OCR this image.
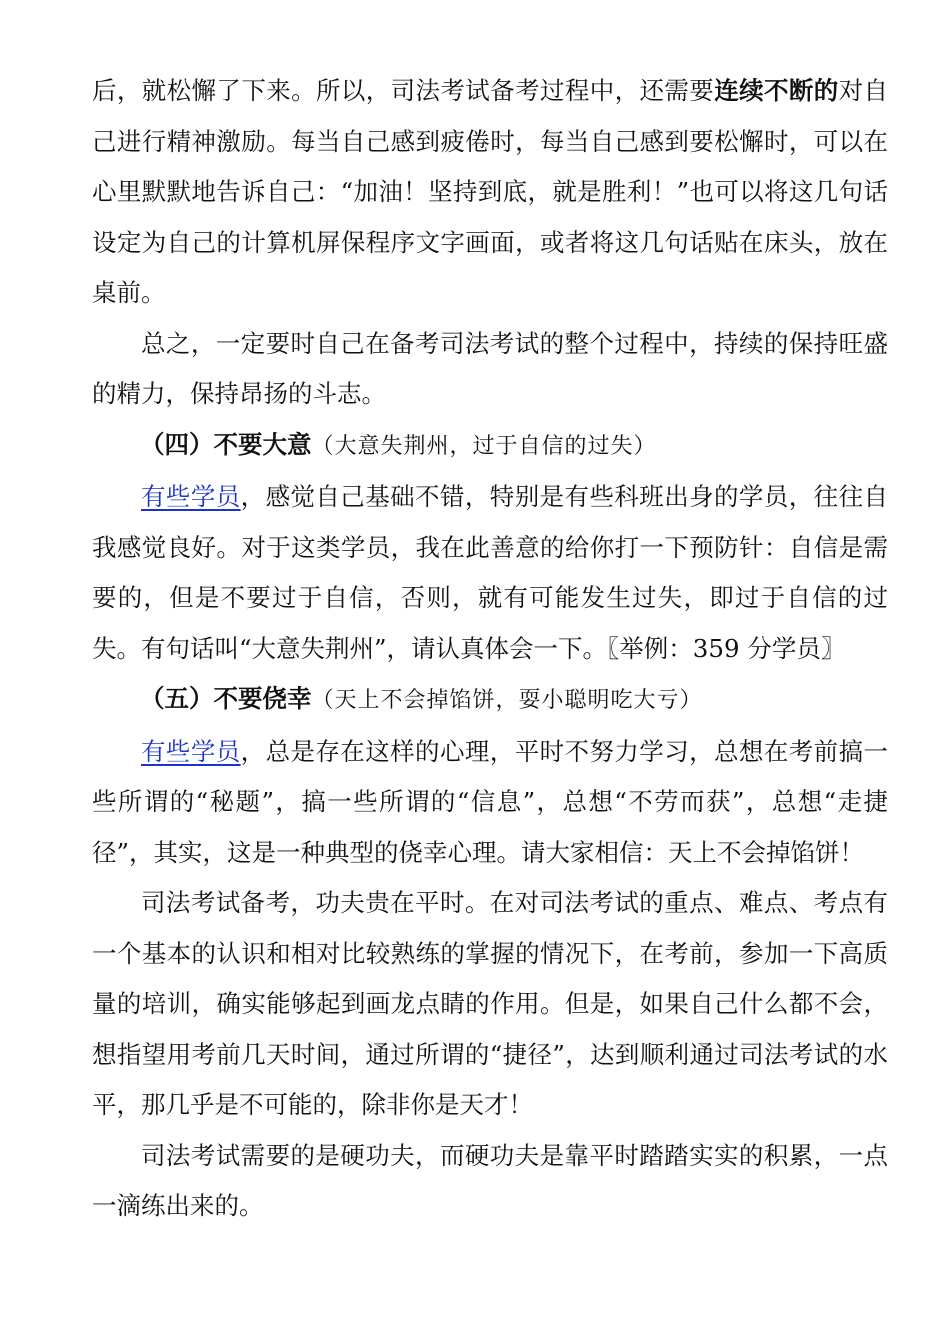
后，就松懈了下来。所以，司法考试备考过程中，还需要连续不断的对自己进行精神激励。每当自己感到疲倦时，每当自己感到要松懈时，可以在心里默默地告诉自己：“加油！坚持到底，就是胜利！”也可以将这几句话设定为自己的计算机屏保程序文字画面，或者将这几句话贴在床头，放在桌前。

总之，一定要时自己在备考司法考试的整个过程中，持续的保持旺盛的精力，保持昂扬的斗志。

（四）不要大意（大意失荆州，过于自信的过失）

有些学员，感觉自己基础不错，特别是有些科班出身的学员，往往自我感觉良好。对于这类学员，我在此善意的给你打一下预防针：自信是需要的，但是不要过于自信，否则，就有可能发生过失，即过于自信的过失。有句话叫“大意失荆州”，请认真体会一下。〖举例：359 分学员〗

（五）不要侥幸（天上不会掉馅饼，耍小聪明吃大亏）

有些学员，总是存在这样的心理，平时不努力学习，总想在考前搞一些所谓的“秘题”，搞一些所谓的“信息”，总想“不劳而获”，总想“走捷径”，其实，这是一种典型的侥幸心理。请大家相信：天上不会掉馅饼！

司法考试备考，功夫贵在平时。在对司法考试的重点、难点、考点有一个基本的认识和相对比较熟练的掌握的情况下，在考前，参加一下高质量的培训，确实能够起到画龙点睛的作用。但是，如果自己什么都不会，想指望用考前几天时间，通过所谓的“捷径”，达到顺利通过司法考试的水平，那几乎是不可能的，除非你是天才！

司法考试需要的是硬功夫，而硬功夫是靠平时踏踏实实的积累，一点一滴练出来的。
